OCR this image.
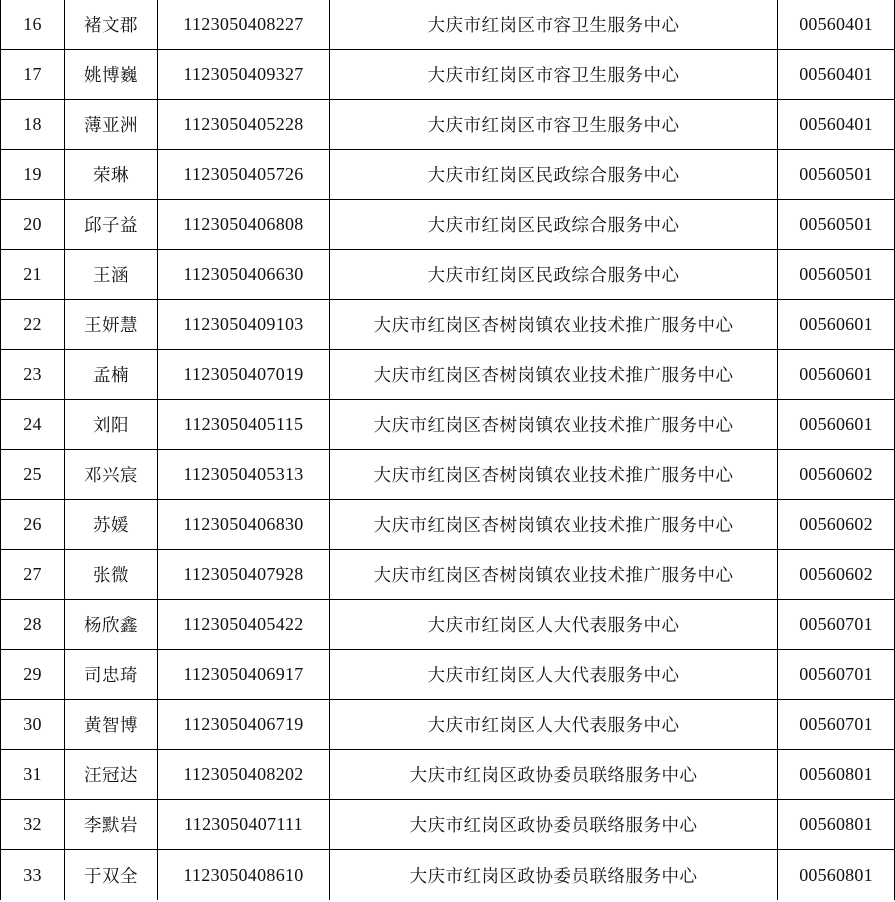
16	褚文郡	1123050408227	大庆市红岗区市容卫生服务中心	00560401
17	姚博巍	1123050409327	大庆市红岗区市容卫生服务中心	00560401
18	薄亚洲	1123050405228	大庆市红岗区市容卫生服务中心	00560401
19	荣琳	1123050405726	大庆市红岗区民政综合服务中心	00560501
20	邱子益	1123050406808	大庆市红岗区民政综合服务中心	00560501
21	王涵	1123050406630	大庆市红岗区民政综合服务中心	00560501
22	王妍慧	1123050409103	大庆市红岗区杏树岗镇农业技术推广服务中心	00560601
23	孟楠	1123050407019	大庆市红岗区杏树岗镇农业技术推广服务中心	00560601
24	刘阳	1123050405115	大庆市红岗区杏树岗镇农业技术推广服务中心	00560601
25	邓兴宸	1123050405313	大庆市红岗区杏树岗镇农业技术推广服务中心	00560602
26	苏媛	1123050406830	大庆市红岗区杏树岗镇农业技术推广服务中心	00560602
27	张微	1123050407928	大庆市红岗区杏树岗镇农业技术推广服务中心	00560602
28	杨欣鑫	1123050405422	大庆市红岗区人大代表服务中心	00560701
29	司忠琦	1123050406917	大庆市红岗区人大代表服务中心	00560701
30	黄智博	1123050406719	大庆市红岗区人大代表服务中心	00560701
31	汪冠达	1123050408202	大庆市红岗区政协委员联络服务中心	00560801
32	李默岩	1123050407111	大庆市红岗区政协委员联络服务中心	00560801
33	于双全	1123050408610	大庆市红岗区政协委员联络服务中心	00560801
